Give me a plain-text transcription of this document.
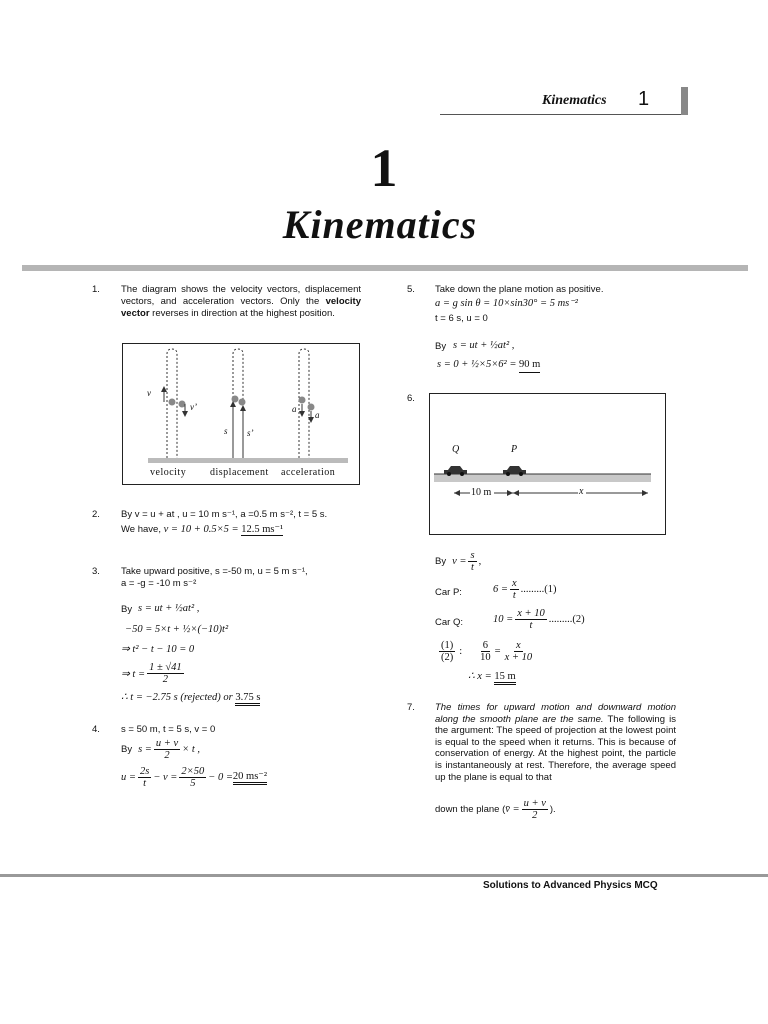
Kinematics 1
1
Kinematics
1. The diagram shows the velocity vectors, displacement vectors, and acceleration vectors. Only the velocity vector reverses in direction at the highest position.
v
v’
s s’
a
a
velocity displacement acceleration
2. By v = u + at , u = 10 m s⁻¹, a =0.5 m s⁻², t = 5 s.
We have, v = 10 + 0.5×5 = 12.5 ms⁻¹
3. Take upward positive, s =-50 m, u = 5 m s⁻¹,
a = -g = -10 m s⁻²
By s = ut + ½at² ,
−50 = 5×t + ½×(−10)t²
⇒ t² − t − 10 = 0
⇒ $t = \frac{1 \pm √41}{2}$
∴ t = −2.75 s (rejected) or 3.75 s
4. s = 50 m, t = 5 s, v = 0
By $s = \frac{u + v}{2} \times t$ ,
$u = \frac{2s}{t} - v = \frac{2\times 50}{5} - 0 = 20$ ms⁻²
5. Take down the plane motion as positive.
a = g sin θ = 10×sin30° = 5 ms⁻²
t = 6 s, u = 0
By s = ut + ½at² ,
s = 0 + ½×5×6² = 90 m
6.
Q	P
10 m	x
By $v = \frac{s}{t}$ ,
Car P:	$6 = \frac{x}{t} .........(1)$
Car Q:	$10 = \frac{x + 10}{t} .........(2)$
$\frac{(1)}{(2)}$ : $\frac{6}{10} = \frac{x}{x + 10}$
∴ x = 15 m
7. The times for upward motion and downward motion along the smooth plane are the same. The following is the argument: The speed of projection at the lowest point is equal to the speed when it returns. This is because of conservation of energy. At the highest point, the particle is instantaneously at rest. Therefore, the average speed up the plane is equal to that
down the plane ( v̄ = $\frac{u + v}{2}$ ).
Solutions to Advanced Physics MCQ
